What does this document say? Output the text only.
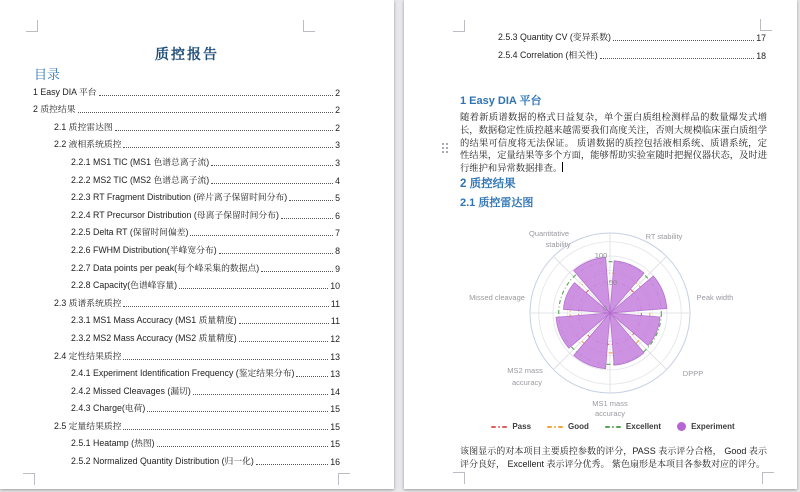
质控报告
目录
1 Easy DIA 平台	2
2 质控结果	2
2.1 质控雷达图	2
2.2 液相系统质控	3
2.2.1 MS1 TIC (MS1 色谱总离子流)	3
2.2.2 MS2 TIC (MS2 色谱总离子流)	4
2.2.3 RT Fragment Distribution (碎片离子保留时间分布)	5
2.2.4 RT Precursor Distribution (母离子保留时间分布)	6
2.2.5 Delta RT (保留时间偏差)	7
2.2.6 FWHM Distribution(半峰宽分布)	8
2.2.7 Data points per peak(每个峰采集的数据点)	9
2.2.8 Capacity(色谱峰容量)	10
2.3 质谱系统质控	11
2.3.1 MS1 Mass Accuracy (MS1 质量精度)	11
2.3.2 MS2 Mass Accuracy (MS2 质量精度)	12
2.4 定性结果质控	13
2.4.1 Experiment Identification Frequency (鉴定结果分布)	13
2.4.2 Missed Cleavages (漏切)	14
2.4.3 Charge(电荷)	15
2.5 定量结果质控	15
2.5.1 Heatamp (热图)	15
2.5.2 Normalized Quantity Distribution (归一化)	16
2.5.3 Quantity CV (变异系数)	17
2.5.4 Correlation (相关性)	18
1 Easy DIA 平台

随着新质谱数据的格式日益复杂，单个蛋白质组检测样品的数量爆发式增长，数据稳定性质控越来越需要我们高度关注，否则大规模临床蛋白质组学的结果可信度将无法保证。 质谱数据的质控包括液相系统、质谱系统，定性结果，定量结果等多个方面，能够帮助实验室随时把握仪器状态，及时进行维护和异常数据排查。

2 质控结果
2.1 质控雷达图
100
50
0
RT stability
Peak width
DPPP
MS1 mass
accuracy
MS2 mass
accuracy
Missed cleavage
Quantitative
stability
Pass	Good	Excellent	Experiment

该图显示的对本项目主要质控参数的评分，PASS 表示评分合格， Good 表示评分良好， Excellent 表示评分优秀。 紫色扇形是本项目各参数对应的评分。
